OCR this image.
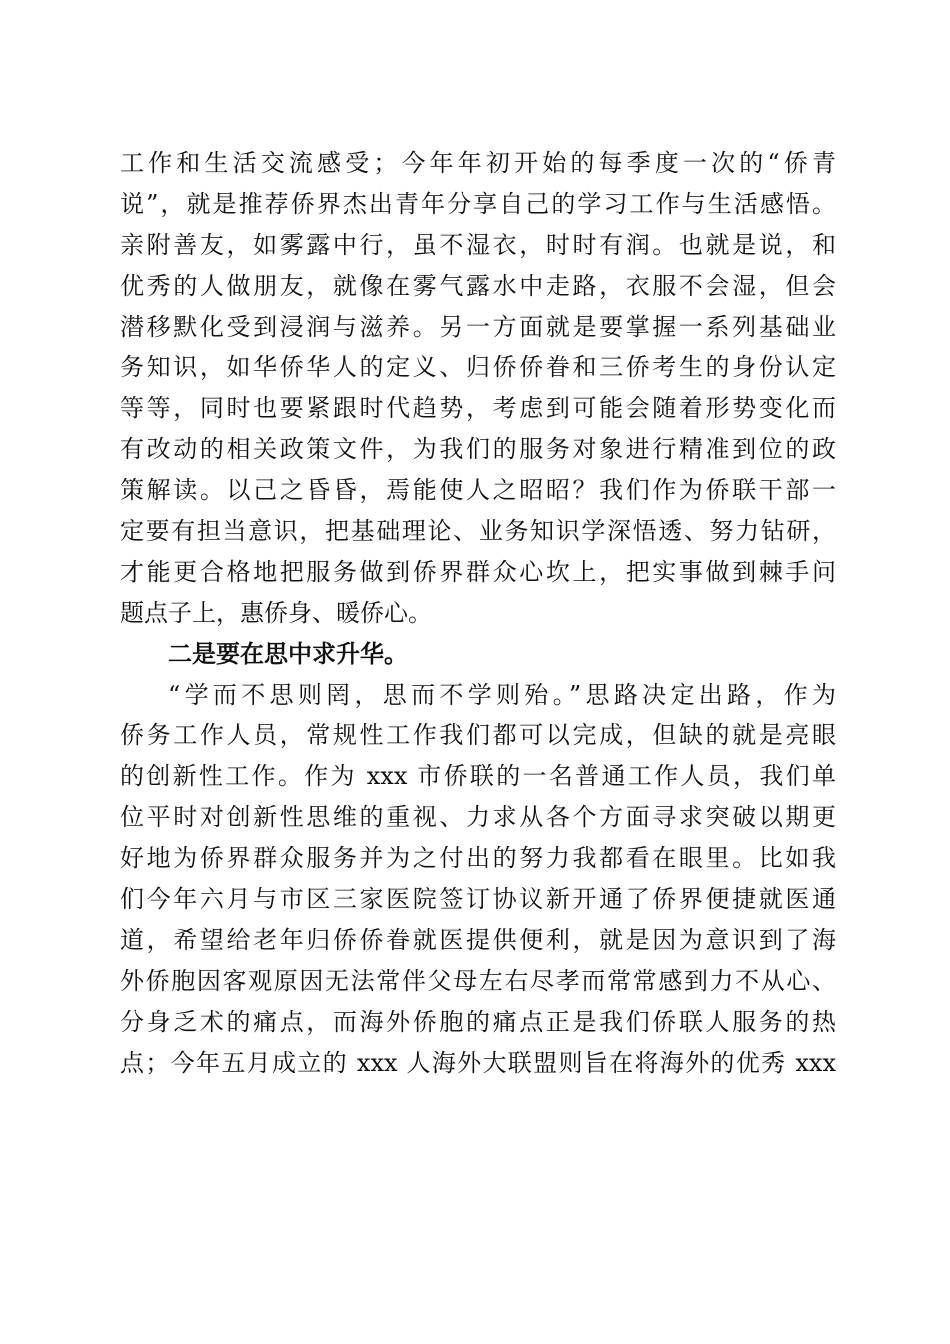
工作和生活交流感受；今年年初开始的每季度一次的“侨青
说”，就是推荐侨界杰出青年分享自己的学习工作与生活感悟。
亲附善友，如雾露中行，虽不湿衣，时时有润。也就是说，和
优秀的人做朋友，就像在雾气露水中走路，衣服不会湿，但会
潜移默化受到浸润与滋养。另一方面就是要掌握一系列基础业
务知识，如华侨华人的定义、归侨侨眷和三侨考生的身份认定
等等，同时也要紧跟时代趋势，考虑到可能会随着形势变化而
有改动的相关政策文件，为我们的服务对象进行精准到位的政
策解读。以己之昏昏，焉能使人之昭昭？我们作为侨联干部一
定要有担当意识，把基础理论、业务知识学深悟透、努力钻研，
才能更合格地把服务做到侨界群众心坎上，把实事做到棘手问
题点子上，惠侨身、暖侨心。
二是要在思中求升华。
“学而不思则罔，思而不学则殆。”思路决定出路，作为
侨务工作人员，常规性工作我们都可以完成，但缺的就是亮眼
的创新性工作。作为 xxx 市侨联的一名普通工作人员，我们单
位平时对创新性思维的重视、力求从各个方面寻求突破以期更
好地为侨界群众服务并为之付出的努力我都看在眼里。比如我
们今年六月与市区三家医院签订协议新开通了侨界便捷就医通
道，希望给老年归侨侨眷就医提供便利，就是因为意识到了海
外侨胞因客观原因无法常伴父母左右尽孝而常常感到力不从心、
分身乏术的痛点，而海外侨胞的痛点正是我们侨联人服务的热
点；今年五月成立的 xxx 人海外大联盟则旨在将海外的优秀 xxx
